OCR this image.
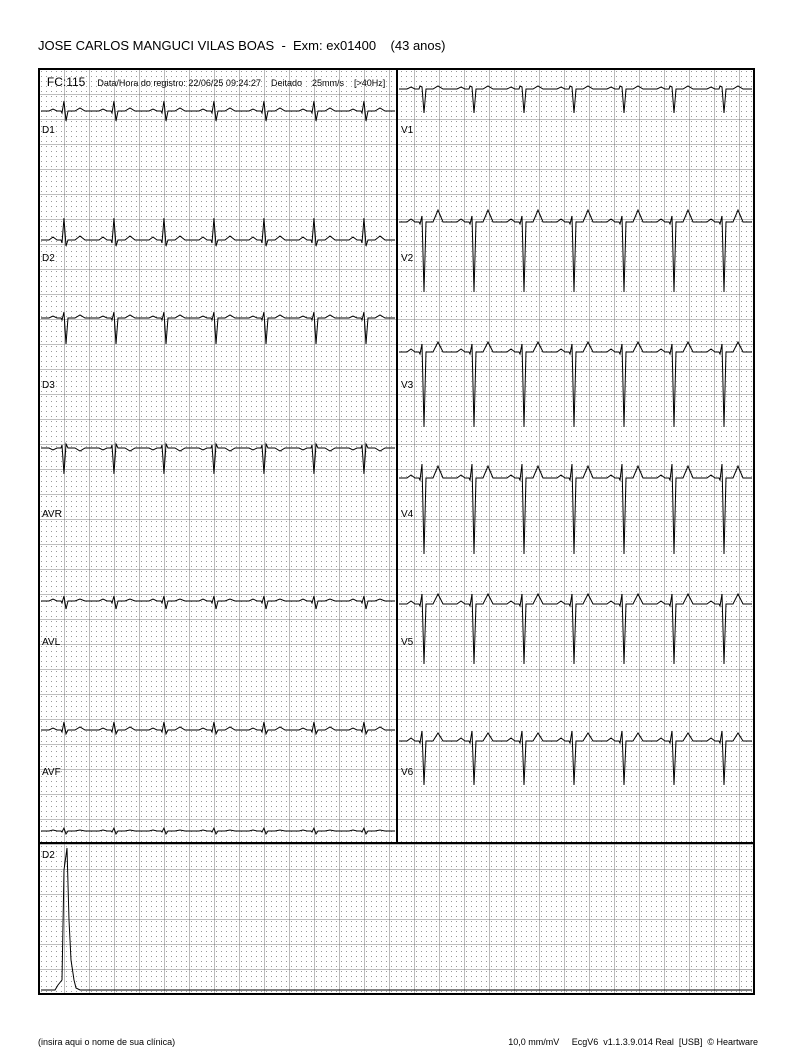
JOSE CARLOS MANGUCI VILAS BOAS  -  Exm: ex01400    (43 anos)

D1
D2
D3
AVR
AVL
AVF
V1
V2
V3
V4
V5
V6
D2
(insira aqui o nome de sua clínica)	10,0 mm/mV     EcgV6  v1.1.3.9.014 Real  [USB]  © Heartware
